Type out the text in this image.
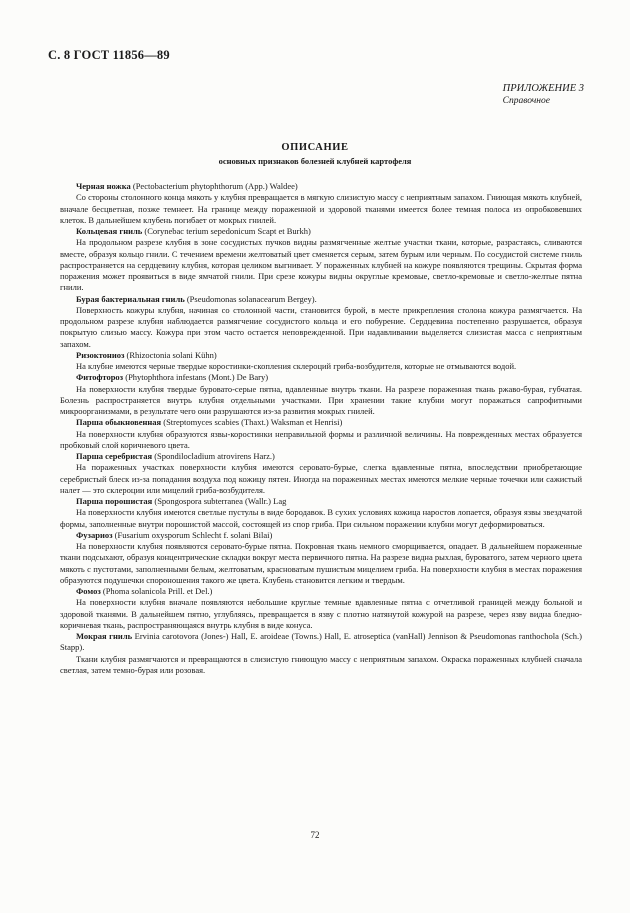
С. 8 ГОСТ 11856—89
ПРИЛОЖЕНИЕ 3
Справочное
ОПИСАНИЕ
основных признаков болезней клубней картофеля

Черная ножка (Pectobacterium phytophthorum (App.) Waldee)

Со стороны столонного конца мякоть у клубня превращается в мягкую слизистую массу с неприятным запахом. Гниющая мякоть клубней, вначале бесцветная, позже темнеет. На границе между пораженной и здоровой тканями имеется более темная полоса из опробковевших клеток. В дальнейшем клубень погибает от мокрых гнилей.

Кольцевая гниль (Corynebac terium sepedonicum Scapt et Burkh)

На продольном разрезе клубня в зоне сосудистых пучков видны размягченные желтые участки ткани, которые, разрастаясь, сливаются вместе, образуя кольцо гнили. С течением времени желтоватый цвет сменяется серым, затем бурым или черным. По сосудистой системе гниль распространяется на сердцевину клубня, которая целиком выгнивает. У пораженных клубней на кожуре появляются трещины. Скрытая форма поражения может проявиться в виде ямчатой гнили. При срезе кожуры видны округлые кремовые, светло-кремовые и светло-желтые пятна гнили.

Бурая бактериальная гниль (Pseudomonas solanacearum Bergey).

Поверхность кожуры клубня, начиная со столонной части, становится бурой, в месте прикрепления столона кожура размягчается. На продольном разрезе клубня наблюдается размягчение сосудистого кольца и его побурение. Сердцевина постепенно разрушается, образуя покрытую слизью массу. Кожура при этом часто остается неповрежденной. При надавливании выделяется слизистая масса с неприятным запахом.

Ризоктониоз (Rhizoctonia solani Kühn)

На клубне имеются черные твердые коростинки-скопления склероций гриба-возбудителя, которые не отмываются водой.

Фитофтороз (Phytophthora infestans (Mont.) De Bary)

На поверхности клубня твердые буровато-серые пятна, вдавленные внутрь ткани. На разрезе пораженная ткань ржаво-бурая, губчатая. Болезнь распространяется внутрь клубня отдельными участками. При хранении такие клубни могут поражаться сапрофитными микроорганизмами, в результате чего они разрушаются из-за развития мокрых гнилей.

Парша обыкновенная (Streptomyces scabies (Thaxt.) Waksman et Henrisi)

На поверхности клубня образуются язвы-коростинки неправильной формы и различной величины. На поврежденных местах образуется пробковый слой коричневого цвета.

Парша серебристая (Spondilocladium atrovirens Harz.)

На пораженных участках поверхности клубня имеются серовато-бурые, слегка вдавленные пятна, впоследствии приобретающие серебристый блеск из-за попадания воздуха под кожицу пятен. Иногда на пораженных местах имеются мелкие черные точечки или сажистый налет — это склероции или мицелий гриба-возбудителя.

Парша порошистая (Spongospora subterranea (Wallr.) Lag

На поверхности клубня имеются светлые пустулы в виде бородавок. В сухих условиях кожица наростов лопается, образуя язвы звездчатой формы, заполненные внутри порошистой массой, состоящей из спор гриба. При сильном поражении клубни могут деформироваться.

Фузариоз (Fusarium oxysporum Schlecht f. solani Bilai)

На поверхности клубня появляются серовато-бурые пятна. Покровная ткань немного сморщивается, опадает. В дальнейшем пораженные ткани подсыхают, образуя концентрические складки вокруг места первичного пятна. На разрезе видна рыхлая, буроватого, затем черного цвета мякоть с пустотами, заполненными белым, желтоватым, красноватым пушистым мицелием гриба. На поверхности клубня в местах поражения образуются подушечки спороношения такого же цвета. Клубень становится легким и твердым.

Фомоз (Phoma solanicola Prill. et Del.)

На поверхности клубня вначале появляются небольшие круглые темные вдавленные пятна с отчетливой границей между больной и здоровой тканями. В дальнейшем пятно, углубляясь, превращается в язву с плотно натянутой кожурой на разрезе, через язву видна бледно-коричневая ткань, распространяющаяся внутрь клубня в виде конуса.

Мокрая гниль Ervinia carotovora (Jones-) Hall, E. aroideae (Towns.) Hall, E. atroseptica (vanHall) Jennison & Pseudomonas ranthochola (Sch.) Stapp).

Ткани клубня размягчаются и превращаются в слизистую гниющую массу с неприятным запахом. Окраска пораженных клубней сначала светлая, затем темно-бурая или розовая.

72
